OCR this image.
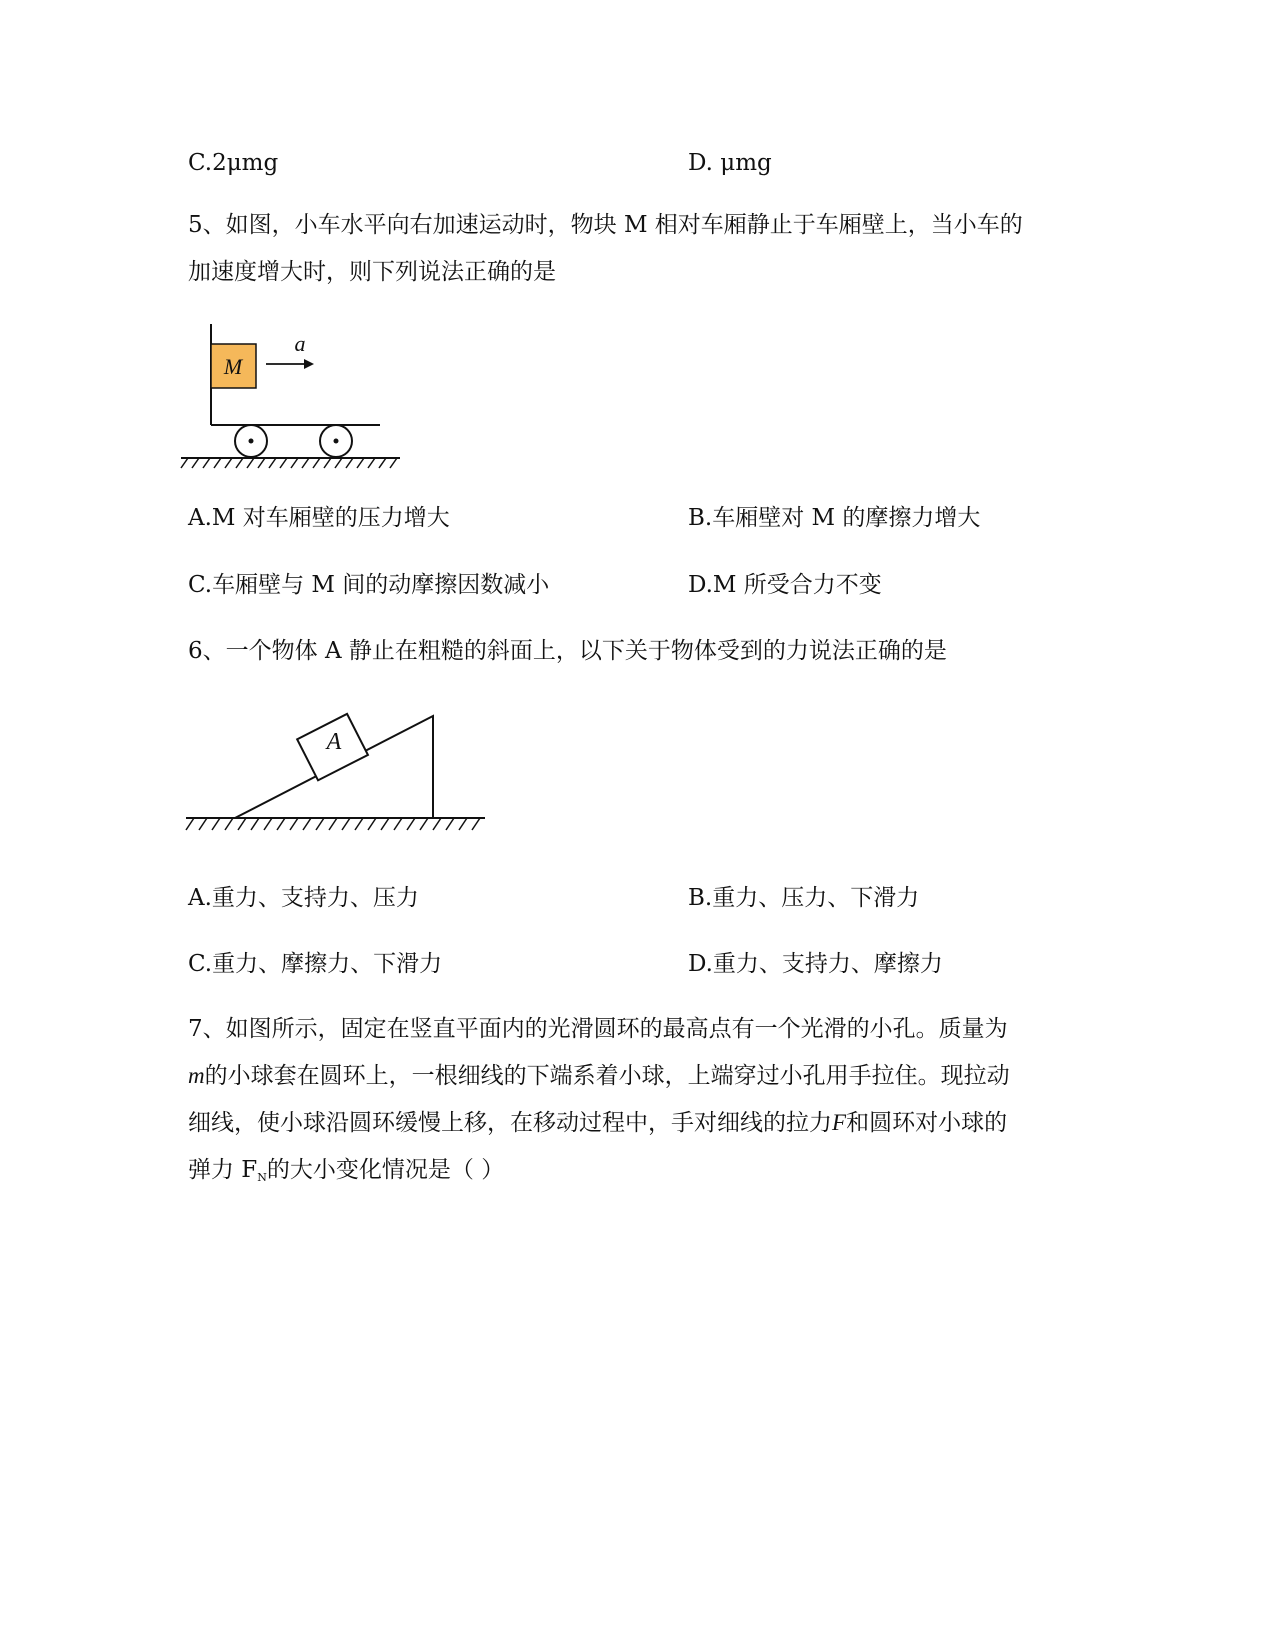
C.2μmg	D. μmg
5、如图，小车水平向右加速运动时，物块 M 相对车厢静止于车厢壁上，当小车的
加速度增大时，则下列说法正确的是
M
a
A.M 对车厢壁的压力增大	B.车厢壁对 M 的摩擦力增大
C.车厢壁与 M 间的动摩擦因数减小	D.M 所受合力不变
6、一个物体 A 静止在粗糙的斜面上，以下关于物体受到的力说法正确的是
A
A.重力、支持力、压力	B.重力、压力、下滑力
C.重力、摩擦力、下滑力	D.重力、支持力、摩擦力
7、如图所示，固定在竖直平面内的光滑圆环的最高点有一个光滑的小孔。质量为
m的小球套在圆环上，一根细线的下端系着小球，上端穿过小孔用手拉住。现拉动
细线，使小球沿圆环缓慢上移，在移动过程中，手对细线的拉力F和圆环对小球的
弹力 $F_N$的大小变化情况是（ ）
